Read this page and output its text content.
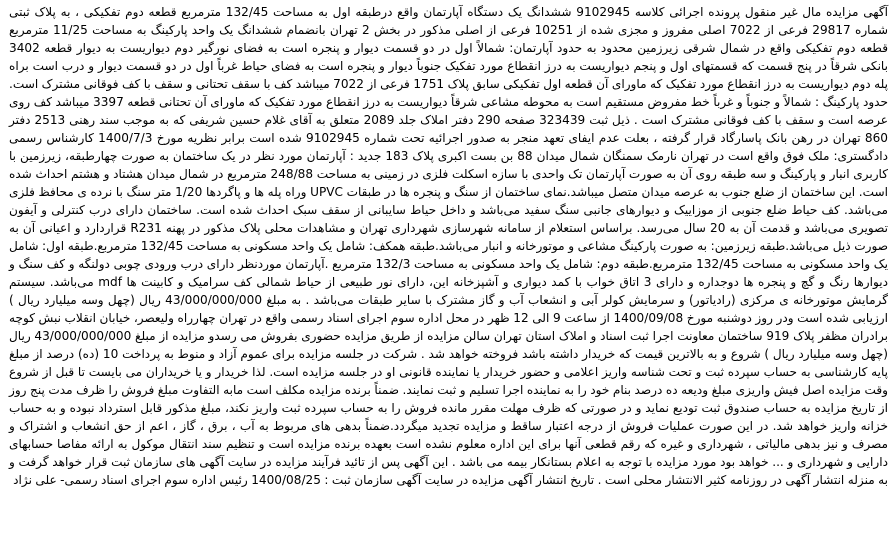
آگهی مزایده مال غیر منقول پرونده اجرائی کلاسه 9102945 ششدانگ یک دستگاه آپارتمان واقع درطبقه اول به مساحت 132/45 مترمربع قطعه دوم تفکیکی ، به پلاک ثبتی شماره 29817 فرعی از 7022 اصلی مفروز و مجزی شده از 10251 فرعی از اصلی مذکور در بخش 2 تهران بانضمام ششدانگ یک واحد پارکینگ به مساحت 11/25 مترمربع قطعه دوم تفکیکی واقع در شمال شرقی زیرزمین محدود به حدود آپارتمان: شمالاً اول در دو قسمت دیوار و پنجره است به فضای نورگیر دوم دیواریست به دیوار قطعه 3402 بانکی شرقاً در پنج قسمت که قسمتهای اول و پنجم دیواریست به درز انقطاع مورد تفکیک جنوباً دیوار و پنجره است به فضای حیاط غرباً اول در دو قسمت دیوار و درب است براه پله دوم دیواریست به درز انقطاع مورد تفکیک که ماورای آن قطعه اول تفکیکی سابق پلاک 1751 فرعی از 7022 میباشد کف با سقف تحتانی و سقف با کف فوقانی مشترک است. حدود پارکینگ : شمالاً و جنوباً و غرباً خط مفروض مستقیم است به محوطه مشاعی شرقاً دیواریست به درز انقطاع مورد تفکیک که ماورای آن تحتانی قطعه 3397 میباشد کف روی عرصه است و سقف با کف فوقانی مشترک است . ذیل ثبت 323439 صفحه 290 دفتر املاک جلد 2089 متعلق به آقای غلام حسین شریفی که به موجب سند رهنی 2513 دفتر 860 تهران در رهن بانک پاسارگاد قرار گرفته ، بعلت عدم ایفای تعهد منجر به صدور اجرائیه تحت شماره 9102945 شده است برابر نظریه مورخ 1400/7/3 کارشناس رسمی دادگستری: ملک فوق واقع است در تهران نارمک سمنگان شمال میدان 88 بن بست اکبری پلاک 183 جدید : آپارتمان مورد نظر در یک ساختمان به صورت چهارطبقه، زیرزمین با کاربری انبار و پارکینگ و سه طبقه روی آن به صورت آپارتمان تک واحدی با سازه اسکلت فلزی در زمینی به مساحت 248/88 مترمربع در شمال میدان هشتاد و هشتم احداث شده است. این ساختمان از ضلع جنوب به عرصه میدان متصل میباشد.نمای ساختمان از سنگ و پنجره ها در طبقات UPVC وراه پله ها و پاگردها 1/20 متر سنگ با نرده ی محافظ فلزی می‌باشد. کف حیاط ضلع جنوبی از موزاییک و دیوارهای جانبی سنگ سفید می‌باشد و داخل حیاط سایبانی از سقف سبک احداث شده است. ساختمان دارای درب کنترلی و آیفون تصویری می‌باشد و قدمت آن به 20 سال می‌رسد. براساس استعلام از سامانه شهرسازی شهرداری تهران و مشاهدات محلی پلاک مذکور در پهنه R231 قراردارد و اعیانی آن به صورت ذیل می‌باشد.طبقه زیرزمین: به صورت پارکینگ مشاعی و موتورخانه و انبار می‌باشد.طبقه همکف: شامل یک واحد مسکونی به مساحت 132/45 مترمربع.طبقه اول: شامل یک واحد مسکونی به مساحت 132/45 مترمربع.طبقه دوم: شامل یک واحد مسکونی به مساحت 132/3 مترمربع .آپارتمان موردنظر دارای درب ورودی چوبی دولنگه و کف سنگ و دیوارها رنگ و گچ و پنجره ها دوجداره و دارای 3 اتاق خواب با کمد دیواری و آشپزخانه این، دارای نور طبیعی از حیاط شمالی کف سرامیک و کابینت ها mdf می‌باشد. سیستم گرمایش موتورخانه ی مرکزی (رادیاتور) و سرمایش کولر آبی و انشعاب آب و گاز مشترک با سایر طبقات می‌باشد . به مبلغ 43/000/000/000 ریال (چهل وسه میلیارد ریال ) ارزیابی شده است ودر روز دوشنبه مورخ 1400/09/08 از ساعت 9 الی 12 ظهر در محل اداره سوم اجرای اسناد رسمی واقع در تهران چهارراه ولیعصر، خیابان انقلاب نبش کوچه برادران مظفر پلاک 919 ساختمان معاونت اجرا ثبت اسناد و املاک استان تهران سالن مزایده از طریق مزایده حضوری بفروش می رسدو مزایده از مبلغ 43/000/000/000 ریال (چهل وسه میلیارد ریال ) شروع و به بالاترین قیمت که خریدار داشته باشد فروخته خواهد شد . شرکت در جلسه مزایده برای عموم آزاد و منوط به پرداخت 10 (ده) درصد از مبلغ پایه کارشناسی به حساب سپرده ثبت و تحت شناسه واریز اعلامی و حضور خریدار یا نماینده قانونی او در جلسه مزایده است. لذا خریدار و یا خریداران می بایست تا قبل از شروع وقت مزایده اصل فیش واریزی مبلغ ودیعه ده درصد بنام خود را به نماینده اجرا تسلیم و ثبت نمایند. ضمناً برنده مزایده مکلف است مابه التفاوت مبلغ فروش را ظرف مدت پنج روز از تاریخ مزایده به حساب صندوق ثبت تودیع نماید و در صورتی که ظرف مهلت مقرر مانده فروش را به حساب سپرده ثبت واریز نکند، مبلغ مذکور قابل استرداد نبوده و به حساب خزانه واریز خواهد شد. در این صورت عملیات فروش از درجه اعتبار ساقط و مزایده تجدید میگردد.ضمناً بدهی های مربوط به آب ، برق ، گاز ، اعم از حق انشعاب و اشتراک و مصرف و نیز بدهی مالیاتی ، شهرداری و غیره که رقم قطعی آنها برای این اداره معلوم نشده است بعهده برنده مزایده است و تنظیم سند انتقال موکول به ارائه مفاصا حسابهای دارایی و شهرداری و ... خواهد بود مورد مزایده با توجه به اعلام بستانکار بیمه می باشد . این آگهی پس از تائید فرآیند مزایده در سایت آگهی های سازمان ثبت قرار خواهد گرفت و به منزله انتشار آگهی در روزنامه کثیر الانتشار محلی است . تاریخ انتشار آگهی مزایده در سایت آگهی سازمان ثبت : 1400/08/25 رئیس اداره سوم اجرای اسناد رسمی- علی نژاد
